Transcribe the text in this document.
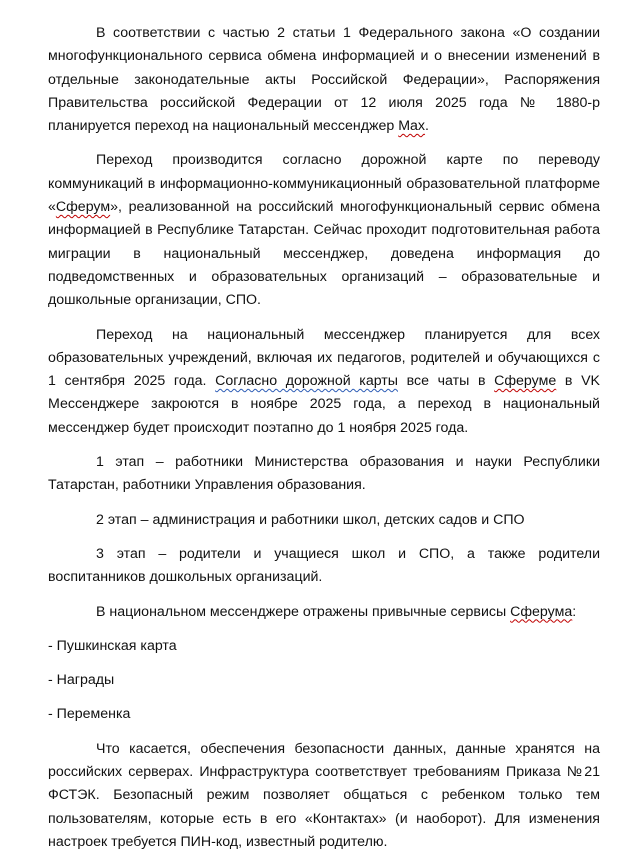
В соответствии с частью 2 статьи 1 Федерального закона «О создании многофункционального сервиса обмена информацией и о внесении изменений в отдельные законодательные акты Российской Федерации», Распоряжения Правительства российской Федерации от 12 июля 2025 года № 1880-р планируется переход на национальный мессенджер Max.

Переход производится согласно дорожной карте по переводу коммуникаций в информационно-коммуникационный образовательной платформе «Сферум», реализованной на российский многофункциональный сервис обмена информацией в Республике Татарстан. Сейчас проходит подготовительная работа миграции в национальный мессенджер, доведена информация до подведомственных и образовательных организаций – образовательные и дошкольные организации, СПО.

Переход на национальный мессенджер планируется для всех образовательных учреждений, включая их педагогов, родителей и обучающихся с 1 сентября 2025 года. Согласно дорожной карты все чаты в Сферуме в VK Мессенджере закроются в ноябре 2025 года, а переход в национальный мессенджер будет происходит поэтапно до 1 ноября 2025 года.

1 этап – работники Министерства образования и науки Республики Татарстан, работники Управления образования.

2 этап – администрация и работники школ, детских садов и СПО

3 этап – родители и учащиеся школ и СПО, а также родители воспитанников дошкольных организаций.

В национальном мессенджере отражены привычные сервисы Сферума:

- Пушкинская карта

- Награды

- Переменка

Что касается, обеспечения безопасности данных, данные хранятся на российских серверах. Инфраструктура соответствует требованиям Приказа №21 ФСТЭК. Безопасный режим позволяет общаться с ребенком только тем пользователям, которые есть в его «Контактах» (и наоборот). Для изменения настроек требуется ПИН-код, известный родителю.
